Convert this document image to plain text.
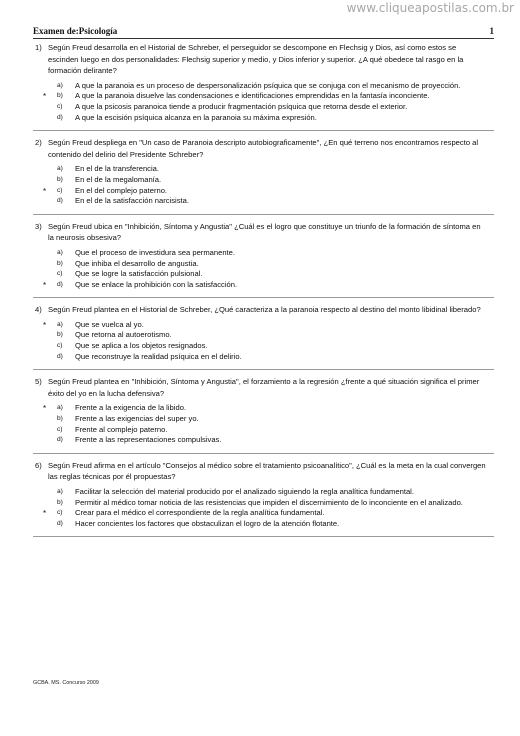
www.cliqueapostilas.com.br
Examen de:Psicología	1
1) Según Freud desarrolla en el Historial de Schreber, el perseguidor se descompone en Flechsig y Dios, así como estos se escinden luego en dos personalidades: Flechsig superior y medio, y Dios inferior y superior. ¿A qué obedece tal rasgo en la formación delirante?
a)	A que la paranoia es un proceso de despersonalización psíquica que se conjuga con el mecanismo de proyección.
* b)	A que la paranoia disuelve las condensaciones e identificaciones emprendidas en la fantasía inconciente.
c)	A que la psicosis paranoica tiende a producir fragmentación psíquica que retorna desde el exterior.
d)	A que la escisión psíquica alcanza en la paranoia su máxima expresión.
2) Según Freud despliega en "Un caso de Paranoia descripto autobiograficamente", ¿En qué terreno nos encontramos respecto al contenido del delirio del Presidente Schreber?
a)	En el de la transferencia.
b)	En el de la megalomanía.
* c)	En el del complejo paterno.
d)	En el de la satisfacción narcisista.
3) Según Freud ubica en "Inhibición, Síntoma y Angustia" ¿Cuál es el logro que constituye un triunfo de la formación de síntoma en la neurosis obsesiva?
a)	Que el proceso de investidura sea permanente.
b)	Que inhiba el desarrollo de angustia.
c)	Que se logre la satisfacción pulsional.
* d)	Que se enlace la prohibición con la satisfacción.
4) Según Freud plantea en el Historial de Schreber, ¿Qué caracteriza a la paranoia respecto al destino del monto libidinal liberado?
* a)	Que se vuelca al yo.
b)	Que retorna al autoerotismo.
c)	Que se aplica a los objetos resignados.
d)	Que reconstruye la realidad psíquica en el delirio.
5) Según Freud plantea en "Inhibición, Síntoma y Angustia", el forzamiento a la regresión ¿frente a qué situación significa el primer éxito del yo en la lucha defensiva?
* a)	Frente a la exigencia de la libido.
b)	Frente a las exigencias del super yo.
c)	Frente al complejo paterno.
d)	Frente a las representaciones compulsivas.
6) Según Freud afirma en el artículo "Consejos al médico sobre el tratamiento psicoanalítico", ¿Cuál es la meta en la cual convergen las reglas técnicas por él propuestas?
a)	Facilitar la selección del material producido por el analizado siguiendo la regla analítica fundamental.
b)	Permitir al médico tomar noticia de las resistencias que impiden el discernimiento de lo inconciente en el analizado.
* c)	Crear para el médico el correspondiente de la regla analítica fundamental.
d)	Hacer concientes los factores que obstaculizan el logro de la atención flotante.
GCBA. MS. Concurso 2009
